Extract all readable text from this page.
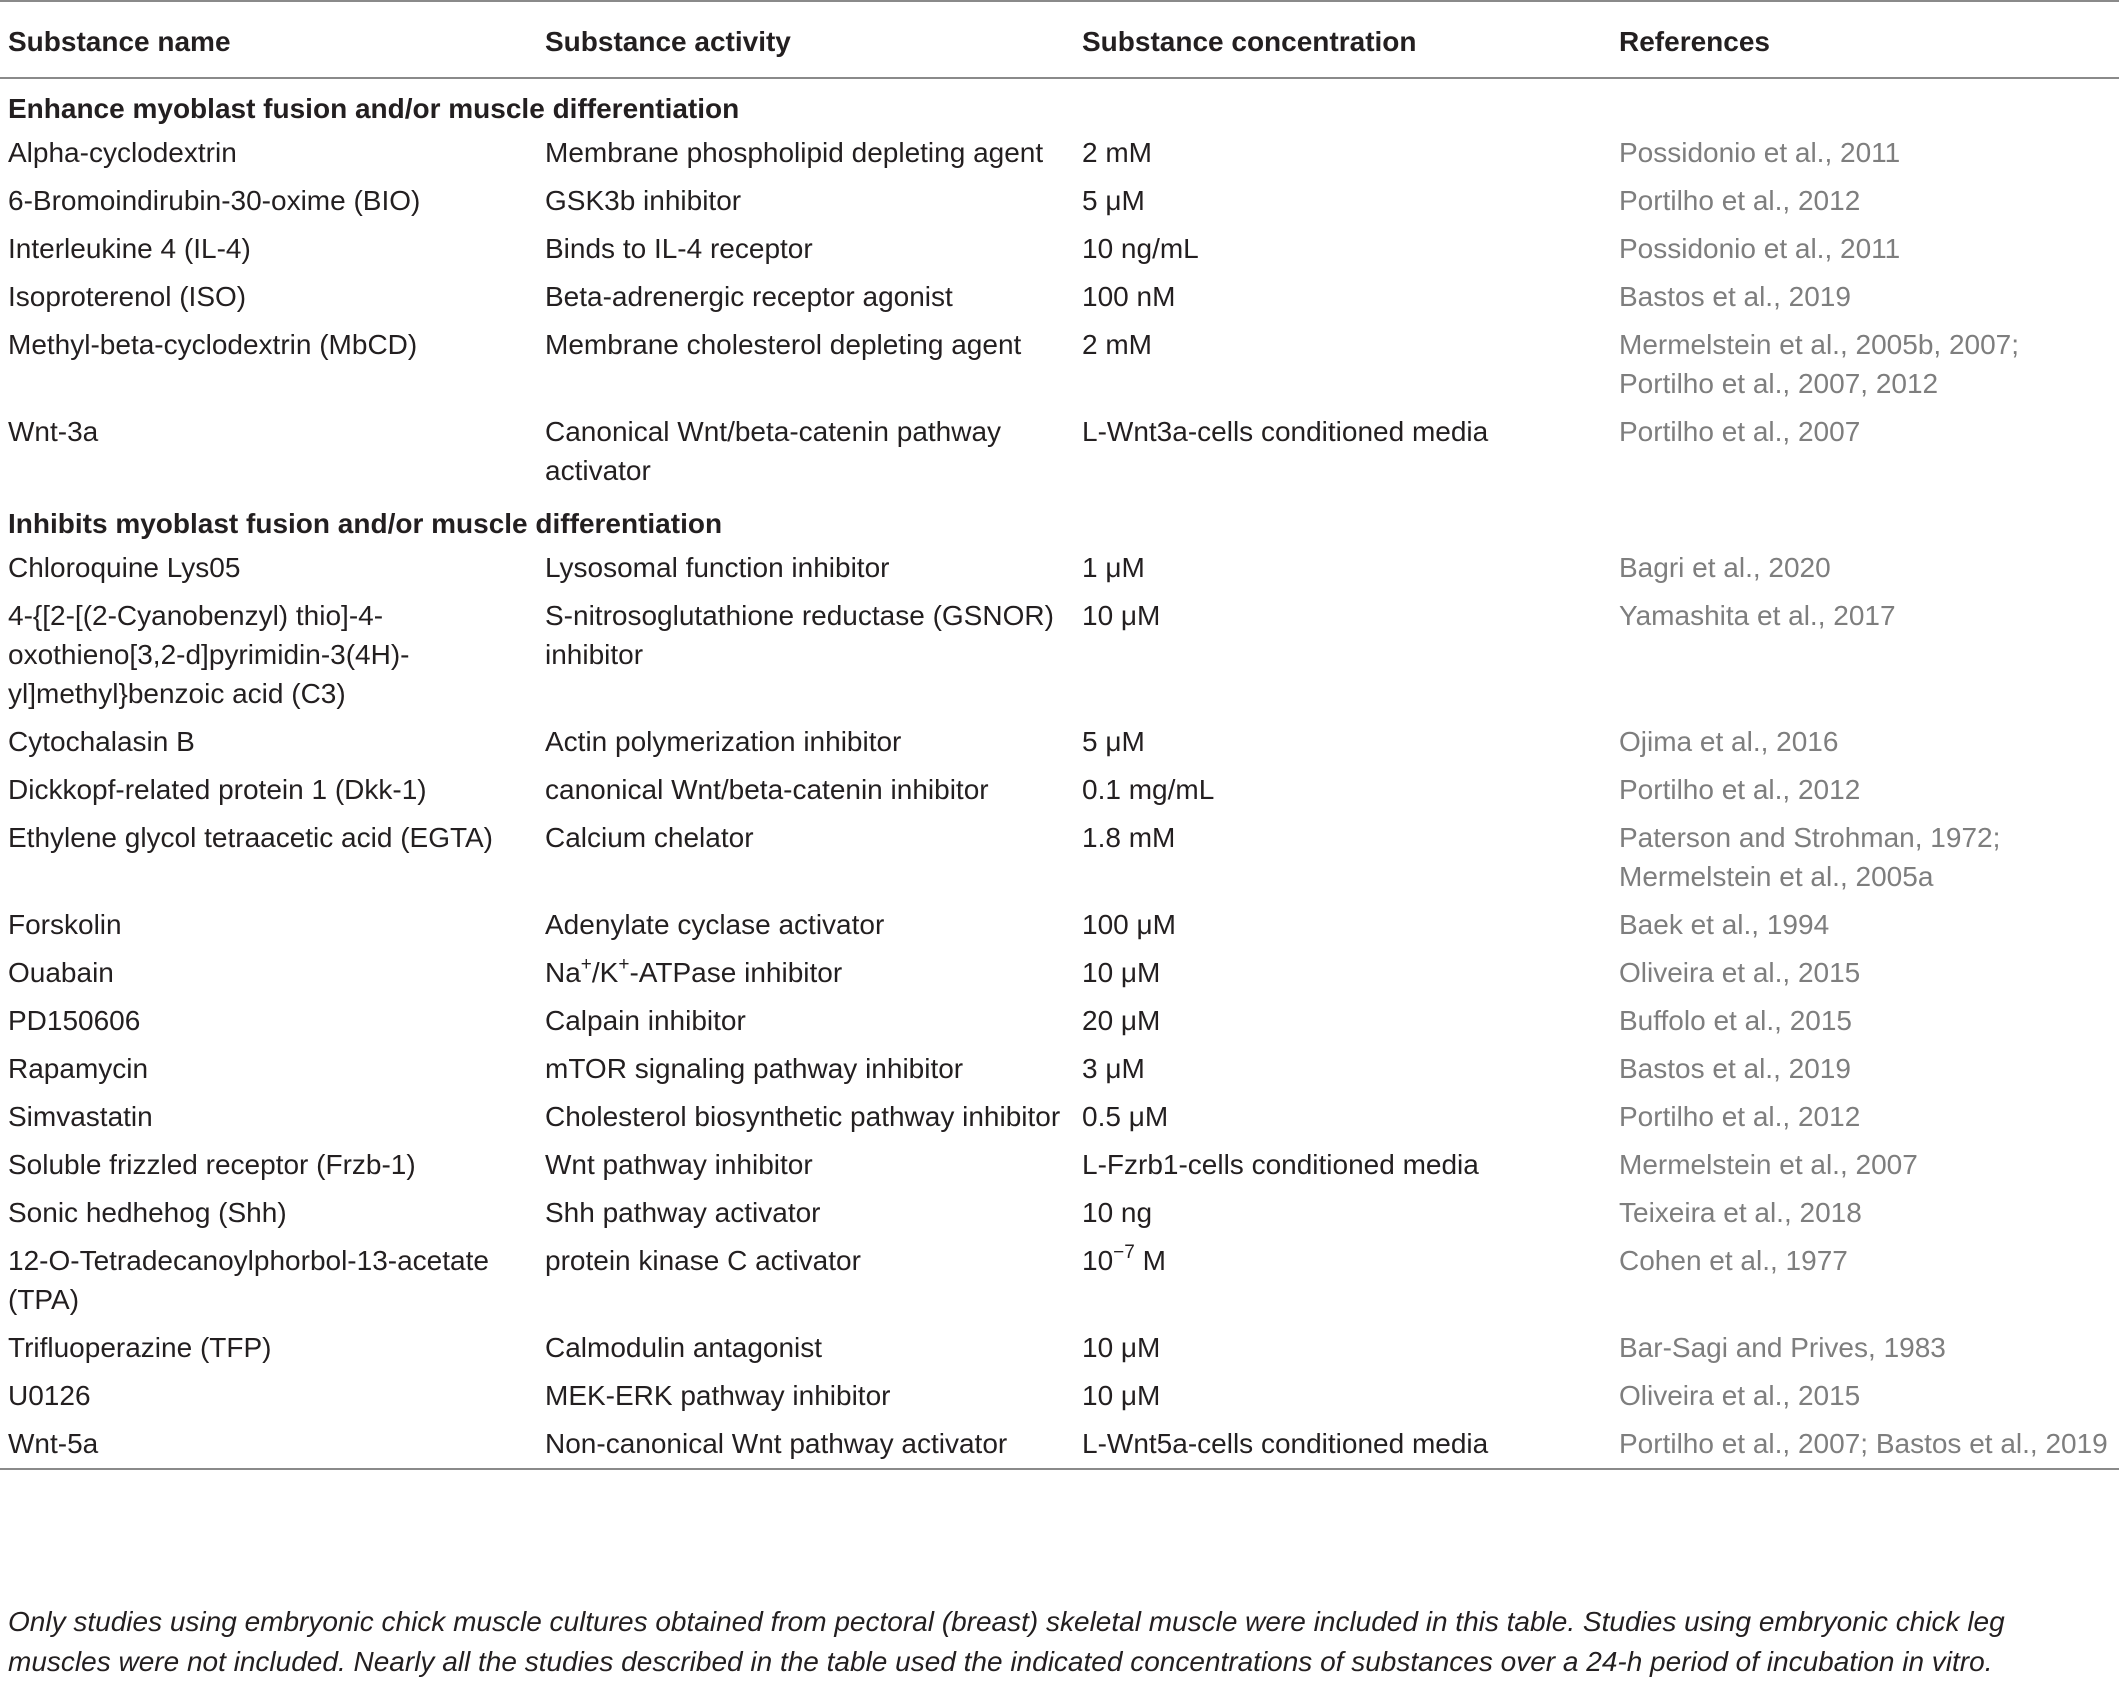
Substance name	Substance activity	Substance concentration	References
Enhance myoblast fusion and/or muscle differentiation			
Alpha-cyclodextrin	Membrane phospholipid depleting agent	2 mM	Possidonio et al., 2011
6-Bromoindirubin-30-oxime (BIO)	GSK3b inhibitor	5 μM	Portilho et al., 2012
Interleukine 4 (IL-4)	Binds to IL-4 receptor	10 ng/mL	Possidonio et al., 2011
Isoproterenol (ISO)	Beta-adrenergic receptor agonist	100 nM	Bastos et al., 2019
Methyl-beta-cyclodextrin (MbCD)	Membrane cholesterol depleting agent	2 mM	Mermelstein et al., 2005b, 2007; Portilho et al., 2007, 2012
Wnt-3a	Canonical Wnt/beta-catenin pathway activator	L-Wnt3a-cells conditioned media	Portilho et al., 2007
Inhibits myoblast fusion and/or muscle differentiation			
Chloroquine Lys05	Lysosomal function inhibitor	1 μM	Bagri et al., 2020
4-{[2-[(2-Cyanobenzyl) thio]-4-oxothieno[3,2-d]pyrimidin-3(4H)-yl]methyl}benzoic acid (C3)	S-nitrosoglutathione reductase (GSNOR) inhibitor	10 μM	Yamashita et al., 2017
Cytochalasin B	Actin polymerization inhibitor	5 μM	Ojima et al., 2016
Dickkopf-related protein 1 (Dkk-1)	canonical Wnt/beta-catenin inhibitor	0.1 mg/mL	Portilho et al., 2012
Ethylene glycol tetraacetic acid (EGTA)	Calcium chelator	1.8 mM	Paterson and Strohman, 1972; Mermelstein et al., 2005a
Forskolin	Adenylate cyclase activator	100 μM	Baek et al., 1994
Ouabain	Na+/K+-ATPase inhibitor	10 μM	Oliveira et al., 2015
PD150606	Calpain inhibitor	20 μM	Buffolo et al., 2015
Rapamycin	mTOR signaling pathway inhibitor	3 μM	Bastos et al., 2019
Simvastatin	Cholesterol biosynthetic pathway inhibitor	0.5 μM	Portilho et al., 2012
Soluble frizzled receptor (Frzb-1)	Wnt pathway inhibitor	L-Fzrb1-cells conditioned media	Mermelstein et al., 2007
Sonic hedhehog (Shh)	Shh pathway activator	10 ng	Teixeira et al., 2018
12-O-Tetradecanoylphorbol-13-acetate (TPA)	protein kinase C activator	$10^{-7}$ M	Cohen et al., 1977
Trifluoperazine (TFP)	Calmodulin antagonist	10 μM	Bar-Sagi and Prives, 1983
U0126	MEK-ERK pathway inhibitor	10 μM	Oliveira et al., 2015
Wnt-5a	Non-canonical Wnt pathway activator	L-Wnt5a-cells conditioned media	Portilho et al., 2007; Bastos et al., 2019
Only studies using embryonic chick muscle cultures obtained from pectoral (breast) skeletal muscle were included in this table. Studies using embryonic chick leg muscles were not included. Nearly all the studies described in the table used the indicated concentrations of substances over a 24-h period of incubation in vitro.
